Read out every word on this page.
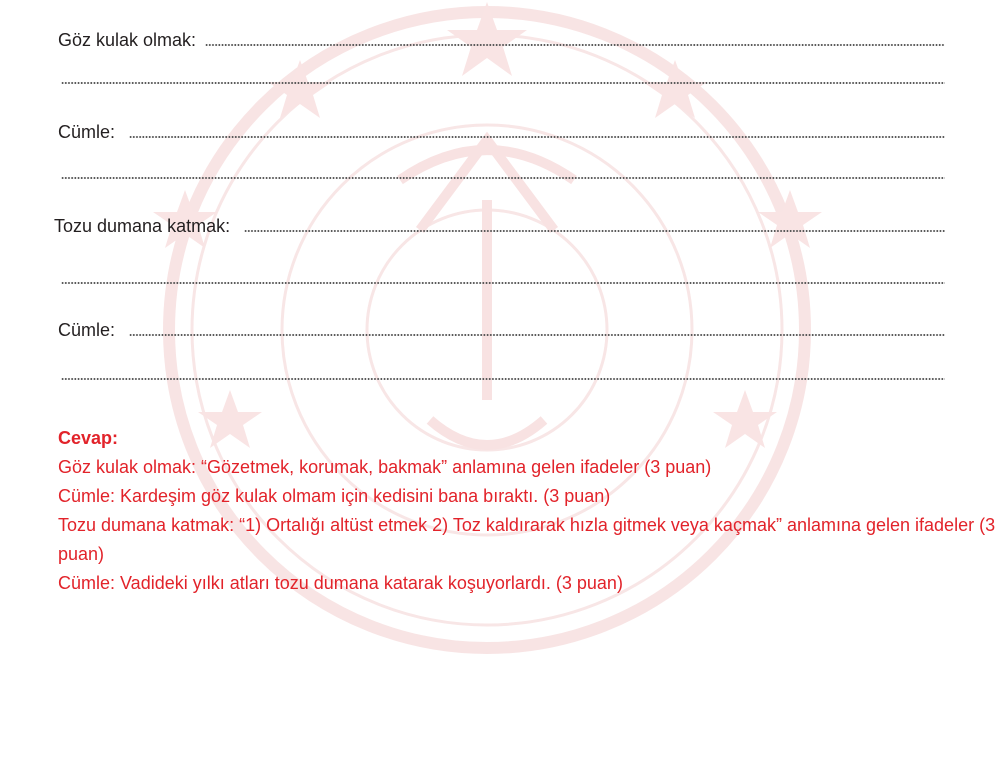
Göz kulak olmak:
Cümle:
Tozu dumana katmak:
Cümle:

Cevap:

Göz kulak olmak: “Gözetmek, korumak, bakmak” anlamına gelen ifadeler (3 puan)

Cümle: Kardeşim göz kulak olmam için kedisini bana bıraktı. (3 puan)

Tozu dumana katmak: “1) Ortalığı altüst etmek 2) Toz kaldırarak hızla gitmek veya kaçmak” anlamına gelen ifadeler (3 puan)

Cümle: Vadideki yılkı atları tozu dumana katarak koşuyorlardı. (3 puan)
